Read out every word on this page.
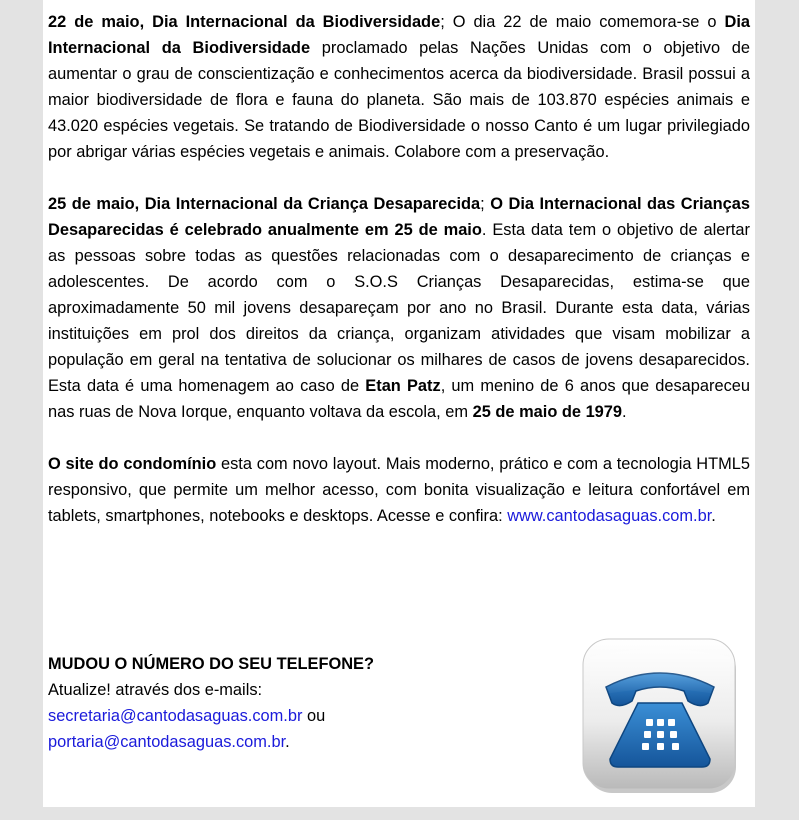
22 de maio, Dia Internacional da Biodiversidade; O dia 22 de maio comemora-se o Dia Internacional da Biodiversidade proclamado pelas Nações Unidas com o objetivo de aumentar o grau de conscientização e conhecimentos acerca da biodiversidade. Brasil possui a maior biodiversidade de flora e fauna do planeta. São mais de 103.870 espécies animais e 43.020 espécies vegetais. Se tratando de Biodiversidade o nosso Canto é um lugar privilegiado por abrigar várias espécies vegetais e animais. Colabore com a preservação.

25 de maio, Dia Internacional da Criança Desaparecida; O Dia Internacional das Crianças Desaparecidas é celebrado anualmente em 25 de maio. Esta data tem o objetivo de alertar as pessoas sobre todas as questões relacionadas com o desaparecimento de crianças e adolescentes. De acordo com o S.O.S Crianças Desaparecidas, estima-se que aproximadamente 50 mil jovens desapareçam por ano no Brasil. Durante esta data, várias instituições em prol dos direitos da criança, organizam atividades que visam mobilizar a população em geral na tentativa de solucionar os milhares de casos de jovens desaparecidos. Esta data é uma homenagem ao caso de Etan Patz, um menino de 6 anos que desapareceu nas ruas de Nova Iorque, enquanto voltava da escola, em 25 de maio de 1979.

O site do condomínio esta com novo layout. Mais moderno, prático e com a tecnologia HTML5 responsivo, que permite um melhor acesso, com bonita visualização e leitura confortável em tablets, smartphones, notebooks e desktops. Acesse e confira: www.cantodasaguas.com.br.

MUDOU O NÚMERO DO SEU TELEFONE?
Atualize! através dos e-mails:
secretaria@cantodasaguas.com.br ou
portaria@cantodasaguas.com.br.
